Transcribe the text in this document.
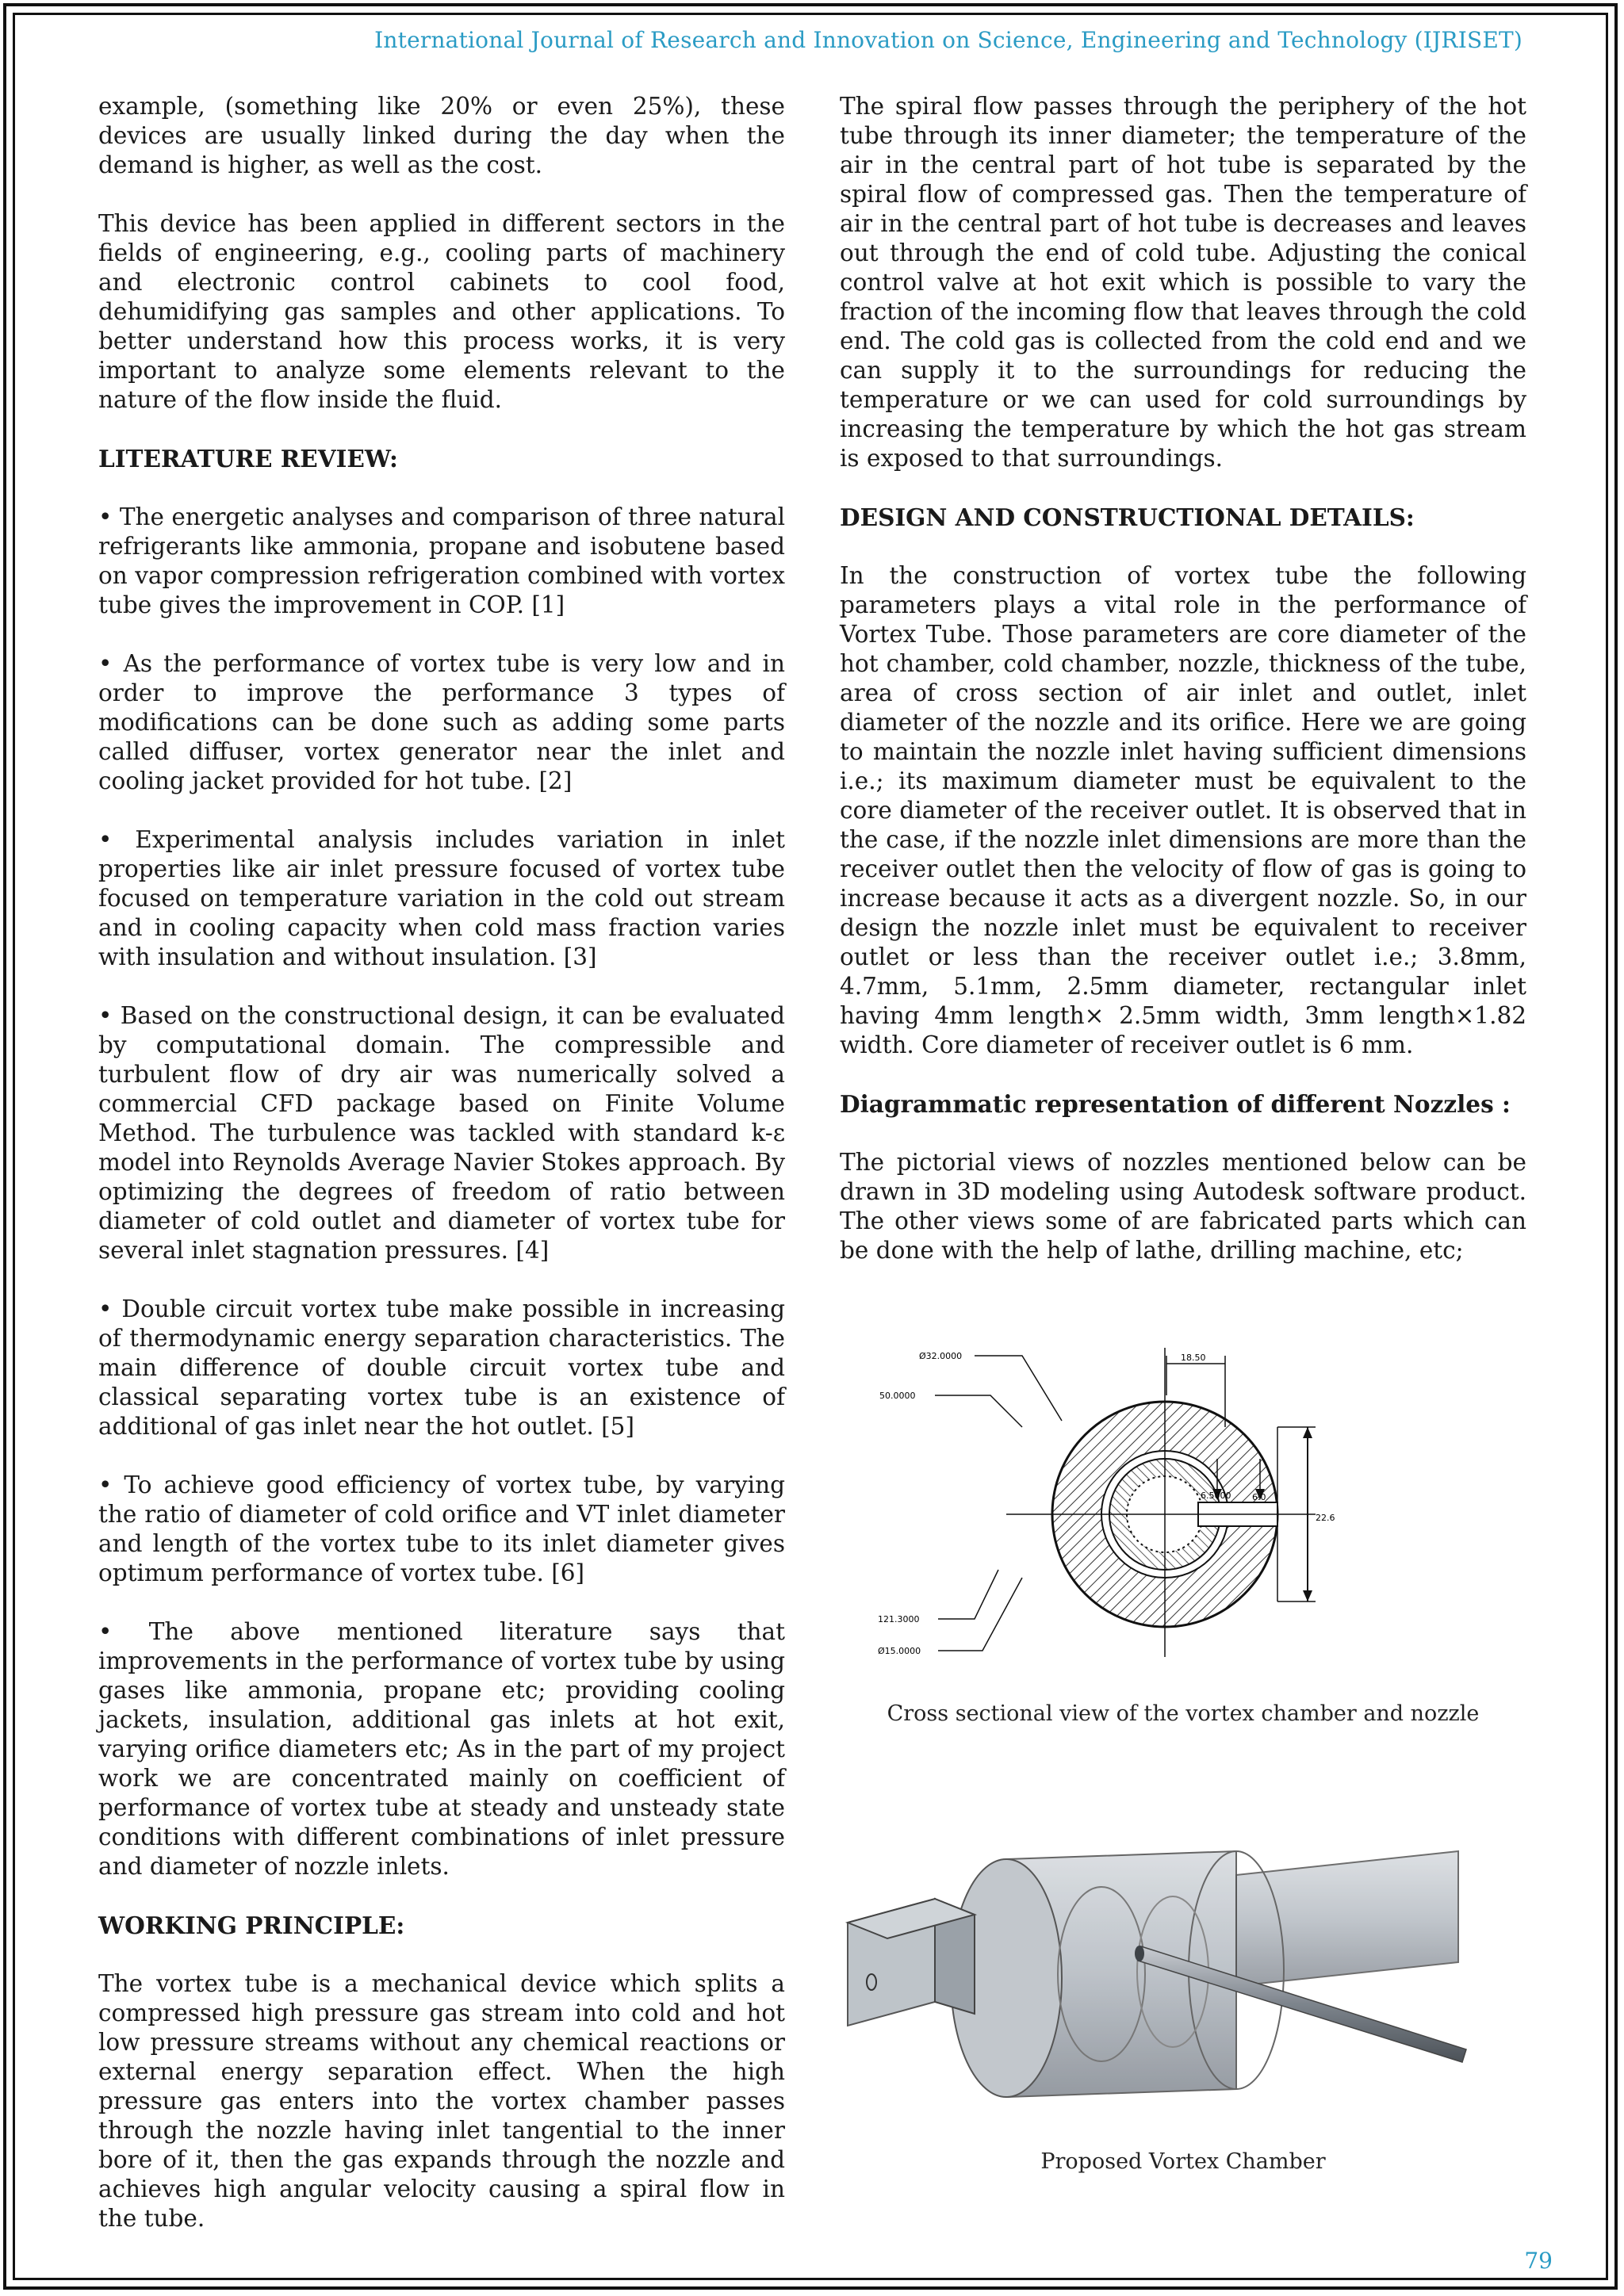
International Journal of Research and Innovation on Science, Engineering and Technology (IJRISET)

example, (something like 20% or even 25%), these devices are usually linked during the day when the demand is higher, as well as the cost.

This device has been applied in different sectors in the fields of engineering, e.g., cooling parts of machinery and electronic control cabinets to cool food, dehumidifying gas samples and other applications. To better understand how this process works, it is very important to analyze some elements relevant to the nature of the flow inside the fluid.

LITERATURE REVIEW:

• The energetic analyses and comparison of three natural refrigerants like ammonia, propane and isobutene based on vapor compression refrigeration combined with vortex tube gives the improvement in COP. [1]

• As the performance of vortex tube is very low and in order to improve the performance 3 types of modifications can be done such as adding some parts called diffuser, vortex generator near the inlet and cooling jacket provided for hot tube. [2]

• Experimental analysis includes variation in inlet properties like air inlet pressure focused of vortex tube focused on temperature variation in the cold out stream and in cooling capacity when cold mass fraction varies with insulation and without insulation. [3]

• Based on the constructional design, it can be evaluated by computational domain. The compressible and turbulent flow of dry air was numerically solved a commercial CFD package based on Finite Volume Method. The turbulence was tackled with standard k-ε model into Reynolds Average Navier Stokes approach. By optimizing the degrees of freedom of ratio between diameter of cold outlet and diameter of vortex tube for several inlet stagnation pressures. [4]

• Double circuit vortex tube make possible in increasing of thermodynamic energy separation characteristics. The main difference of double circuit vortex tube and classical separating vortex tube is an existence of additional of gas inlet near the hot outlet. [5]

• To achieve good efficiency of vortex tube, by varying the ratio of diameter of cold orifice and VT inlet diameter and length of the vortex tube to its inlet diameter gives optimum performance of vortex tube. [6]

• The above mentioned literature says that improvements in the performance of vortex tube by using gases like ammonia, propane etc; providing cooling jackets, insulation, additional gas inlets at hot exit, varying orifice diameters etc; As in the part of my project work we are concentrated mainly on coefficient of performance of vortex tube at steady and unsteady state conditions with different combinations of inlet pressure and diameter of nozzle inlets.

WORKING PRINCIPLE:

The vortex tube is a mechanical device which splits a compressed high pressure gas stream into cold and hot low pressure streams without any chemical reactions or external energy separation effect. When the high pressure gas enters into the vortex chamber passes through the nozzle having inlet tangential to the inner bore of it, then the gas expands through the nozzle and achieves high angular velocity causing a spiral flow in the tube.

The spiral flow passes through the periphery of the hot tube through its inner diameter; the temperature of the air in the central part of hot tube is separated by the spiral flow of compressed gas. Then the temperature of air in the central part of hot tube is decreases and leaves out through the end of cold tube. Adjusting the conical control valve at hot exit which is possible to vary the fraction of the incoming flow that leaves through the cold end. The cold gas is collected from the cold end and we can supply it to the surroundings for reducing the temperature or we can used for cold surroundings by increasing the temperature by which the hot gas stream is exposed to that surroundings.

DESIGN AND CONSTRUCTIONAL DETAILS:

In the construction of vortex tube the following parameters plays a vital role in the performance of Vortex Tube. Those parameters are core diameter of the hot chamber, cold chamber, nozzle, thickness of the tube, area of cross section of air inlet and outlet, inlet diameter of the nozzle and its orifice. Here we are going to maintain the nozzle inlet having sufficient dimensions i.e.; its maximum diameter must be equivalent to the core diameter of the receiver outlet. It is observed that in the case, if the nozzle inlet dimensions are more than the receiver outlet then the velocity of flow of gas is going to increase because it acts as a divergent nozzle. So, in our design the nozzle inlet must be equivalent to receiver outlet or less than the receiver outlet i.e.; 3.8mm, 4.7mm, 5.1mm, 2.5mm diameter, rectangular inlet having 4mm length× 2.5mm width, 3mm length×1.82 width. Core diameter of receiver outlet is 6 mm.

Diagrammatic representation of different Nozzles :

The pictorial views of nozzles mentioned below can be drawn in 3D modeling using Autodesk software product. The other views some of are fabricated parts which can be done with the help of lathe, drilling machine, etc;

22.6
18.50
6.5000 6.0
Ø32.0000
50.0000
121.3000
Ø15.0000
Cross sectional view of the vortex chamber and nozzle
Proposed Vortex Chamber
79
